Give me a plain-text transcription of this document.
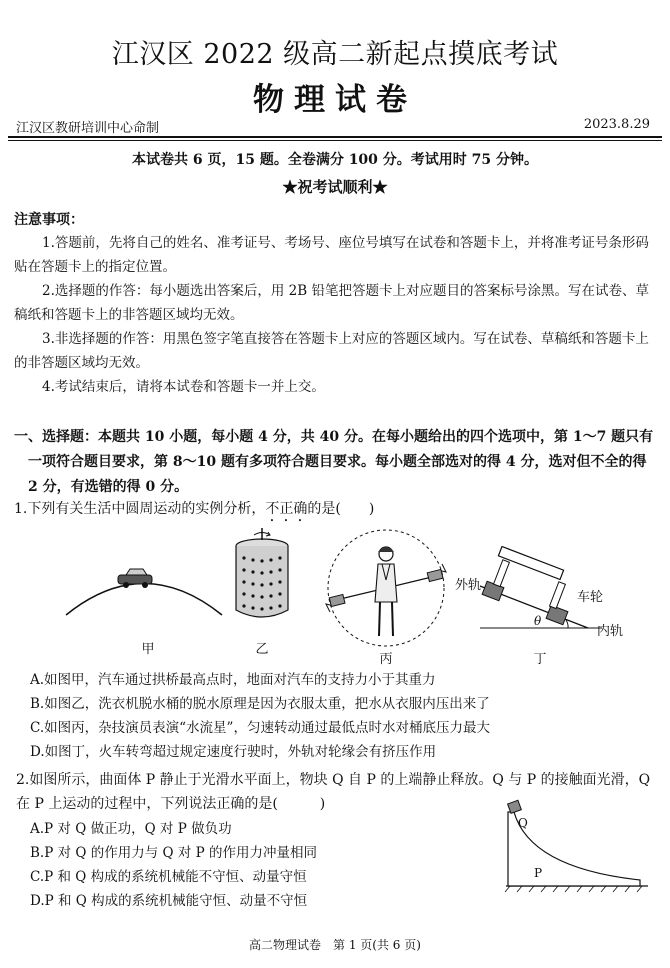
江汉区 2022 级高二新起点摸底考试
物理试卷
江汉区教研培训中心命制	2023.8.29
本试卷共 6 页，15 题。全卷满分 100 分。考试用时 75 分钟。
★祝考试顺利★
注意事项：
1.答题前，先将自己的姓名、准考证号、考场号、座位号填写在试卷和答题卡上，并将准考证号条形码贴在答题卡上的指定位置。
2.选择题的作答：每小题选出答案后，用 2B 铅笔把答题卡上对应题目的答案标号涂黑。写在试卷、草稿纸和答题卡上的非答题区域均无效。
3.非选择题的作答：用黑色签字笔直接答在答题卡上对应的答题区域内。写在试卷、草稿纸和答题卡上的非答题区域均无效。
4.考试结束后，请将本试卷和答题卡一并上交。
一、选择题：本题共 10 小题，每小题 4 分，共 40 分。在每小题给出的四个选项中，第 1～7 题只有一项符合题目要求，第 8～10 题有多项符合题目要求。每小题全部选对的得 4 分，选对但不全的得 2 分，有选错的得 0 分。
1.下列有关生活中圆周运动的实例分析，不正确的是(　　)
甲	乙
丙
外轨
车轮
内轨
θ
丁
A.如图甲，汽车通过拱桥最高点时，地面对汽车的支持力小于其重力
B.如图乙，洗衣机脱水桶的脱水原理是因为衣服太重，把水从衣服内压出来了
C.如图丙，杂技演员表演“水流星”，匀速转动通过最低点时水对桶底压力最大
D.如图丁，火车转弯超过规定速度行驶时，外轨对轮缘会有挤压作用
2.如图所示，曲面体 P 静止于光滑水平面上，物块 Q 自 P 的上端静止释放。Q 与 P 的接触面光滑，Q 在 P 上运动的过程中，下列说法正确的是(　　　)
Q
P
A.P 对 Q 做正功，Q 对 P 做负功
B.P 对 Q 的作用力与 Q 对 P 的作用力冲量相同
C.P 和 Q 构成的系统机械能不守恒、动量守恒
D.P 和 Q 构成的系统机械能守恒、动量不守恒
高二物理试卷　第 1 页(共 6 页)
